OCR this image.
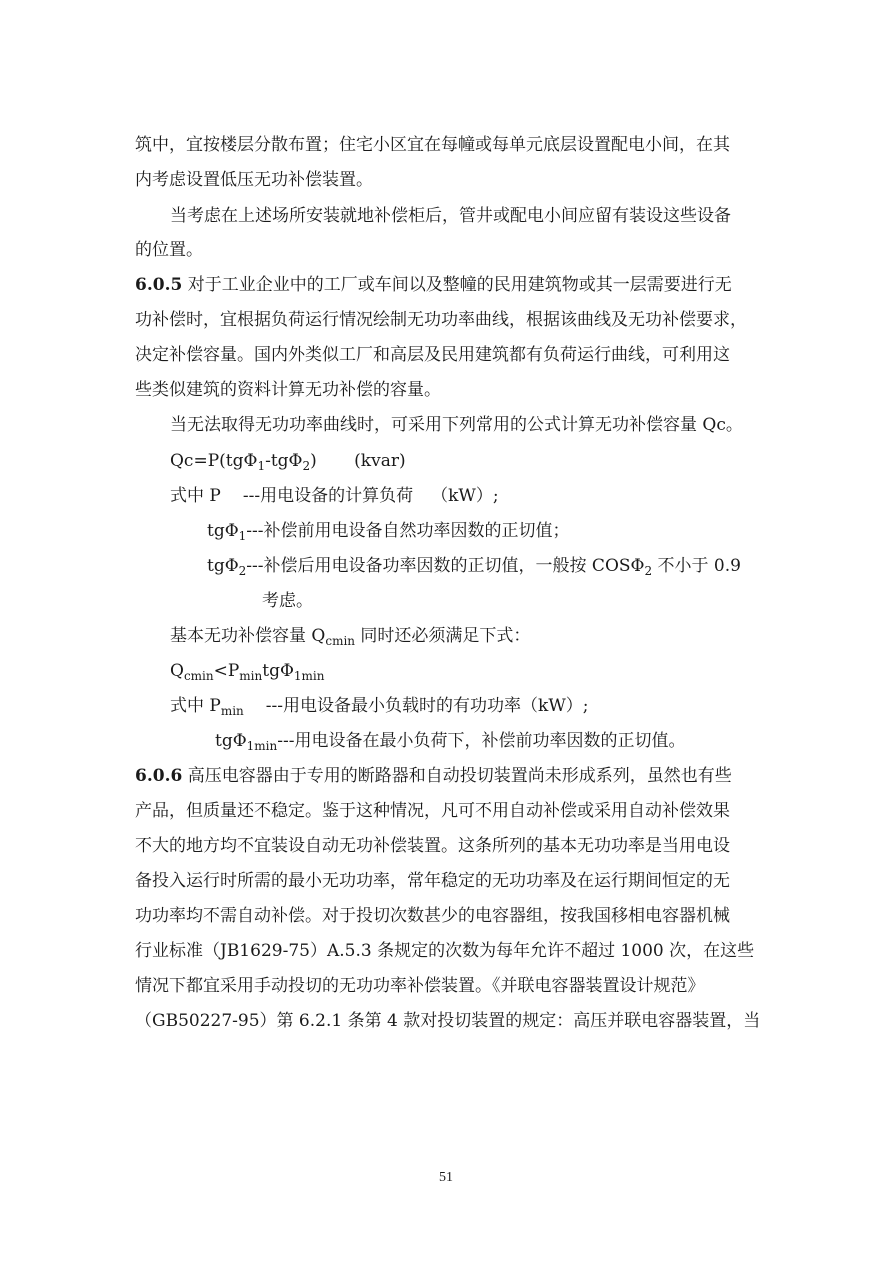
筑中，宜按楼层分散布置；住宅小区宜在每幢或每单元底层设置配电小间，在其
内考虑设置低压无功补偿装置。
当考虑在上述场所安装就地补偿柜后，管井或配电小间应留有装设这些设备
的位置。
6.0.5 对于工业企业中的工厂或车间以及整幢的民用建筑物或其一层需要进行无
功补偿时，宜根据负荷运行情况绘制无功功率曲线，根据该曲线及无功补偿要求，
决定补偿容量。国内外类似工厂和高层及民用建筑都有负荷运行曲线，可利用这
些类似建筑的资料计算无功补偿的容量。
当无法取得无功功率曲线时，可采用下列常用的公式计算无功补偿容量 Qc。
Qc=P(tgΦ$_1$-tgΦ$_2$) (kvar)
式中 P ---用电设备的计算负荷 （kW）;
tgΦ$_1$---补偿前用电设备自然功率因数的正切值；
tgΦ$_2$---补偿后用电设备功率因数的正切值，一般按 $COS\Phi_2$ 不小于 0.9
考虑。
基本无功补偿容量 $Q_{cmin}$ 同时还必须满足下式：
$Q_{cmin}<P_{min}tg\Phi_{1min}$
式中 $P_{min}$ ---用电设备最小负载时的有功功率（kW）;
tgΦ$_{1min}$---用电设备在最小负荷下，补偿前功率因数的正切值。
6.0.6 高压电容器由于专用的断路器和自动投切装置尚未形成系列，虽然也有些
产品，但质量还不稳定。鉴于这种情况，凡可不用自动补偿或采用自动补偿效果
不大的地方均不宜装设自动无功补偿装置。这条所列的基本无功功率是当用电设
备投入运行时所需的最小无功功率，常年稳定的无功功率及在运行期间恒定的无
功功率均不需自动补偿。对于投切次数甚少的电容器组，按我国移相电容器机械
行业标准（JB1629-75）A.5.3 条规定的次数为每年允许不超过 1000 次，在这些
情况下都宜采用手动投切的无功功率补偿装置。《并联电容器装置设计规范》
（GB50227-95）第 6.2.1 条第 4 款对投切装置的规定：高压并联电容器装置，当
51
